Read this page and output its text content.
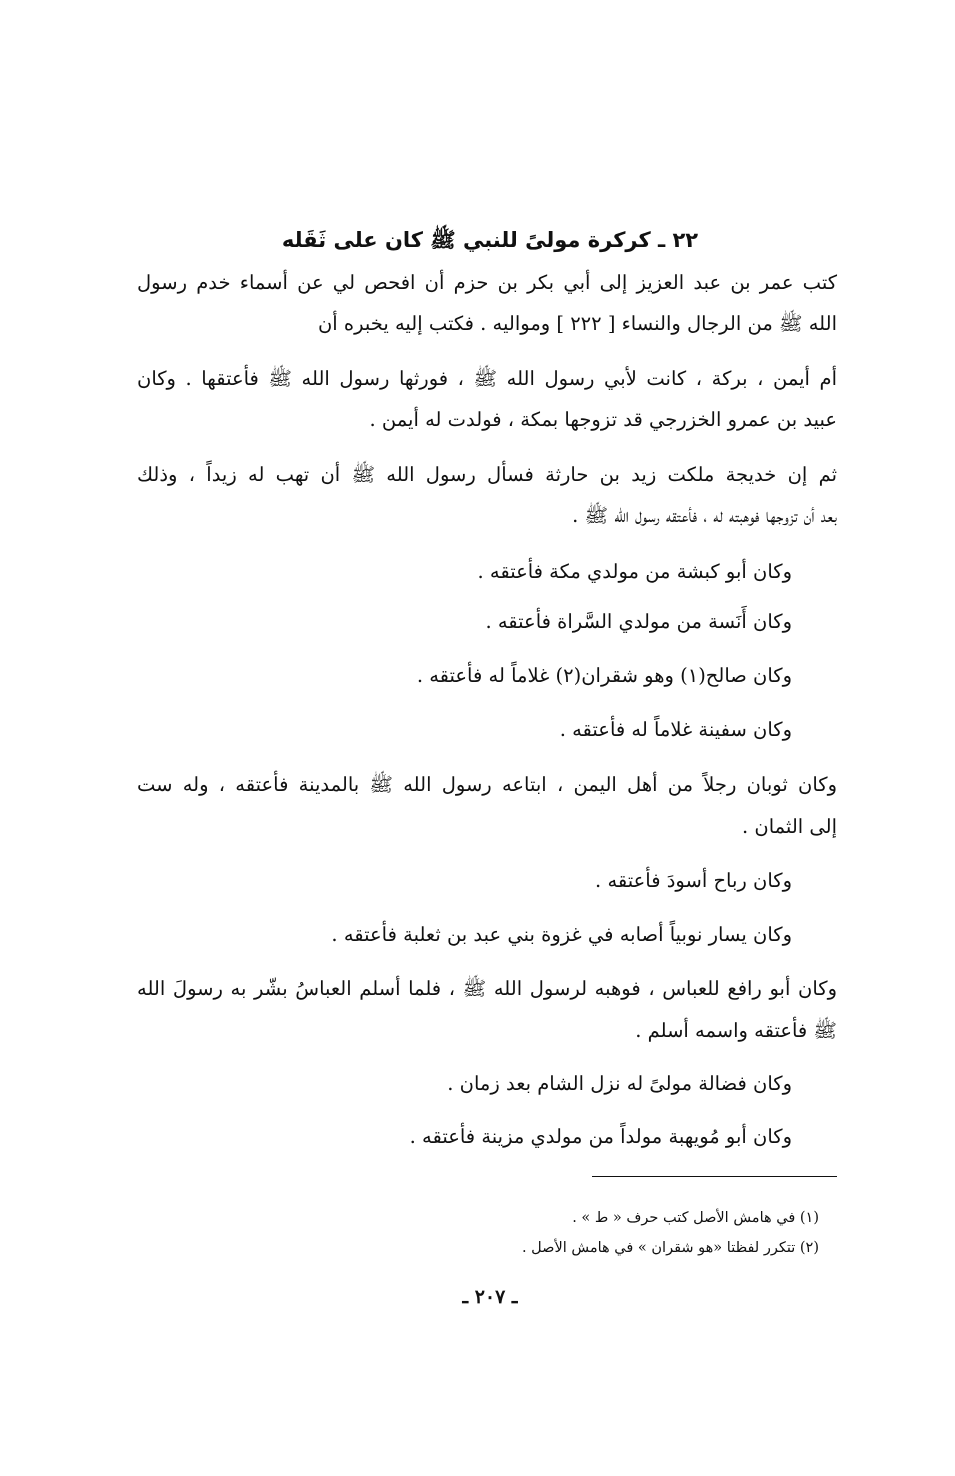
٢٢ ـ كركرة مولىً للنبي ﷺ كان على ثَقَله
كتب عمر بن عبد العزيز إلى أبي بكر بن حزم أن افحص لي عن أسماء خدم رسول
الله ﷺ من الرجال والنساء [ ٢٢٢ ] ومواليه . فكتب إليه يخبره أن
أم أيمن ، بركة ، كانت لأبي رسول الله ﷺ ، فورثها رسول الله ﷺ فأعتقها . وكان
عبيد بن عمرو الخزرجي قد تزوجها بمكة ، فولدت له أيمن .
ثم إن خديجة ملكت زيد بن حارثة فسأل رسول الله ﷺ أن تهب له زيداً ، وذلك
بعد أن تزوجها فوهبته له ، فأعتقه رسول الله ﷺ .
وكان أبو كبشة من مولدي مكة فأعتقه .
وكان أَنَسة من مولدي السَّراة فأعتقه .
وكان صالح(١) وهو شقران(٢) غلاماً له فأعتقه .
وكان سفينة غلاماً له فأعتقه .
وكان ثوبان رجلاً من أهل اليمن ، ابتاعه رسول الله ﷺ بالمدينة فأعتقه ، وله ست
إلى الثمان .
وكان رباح أسودَ فأعتقه .
وكان يسار نوبياً أصابه في غزوة بني عبد بن ثعلبة فأعتقه .
وكان أبو رافع للعباس ، فوهبه لرسول الله ﷺ ، فلما أسلم العباسُ بشّر به رسولَ الله
ﷺ فأعتقه واسمه أسلم .
وكان فضالة مولىً له نزل الشام بعد زمان .
وكان أبو مُويهبة مولداً من مولدي مزينة فأعتقه .
(١) في هامش الأصل كتب حرف « ط » .
(٢) تتكرر لفظتا «هو شقران » في هامش الأصل .
ـ ٢٠٧ ـ
